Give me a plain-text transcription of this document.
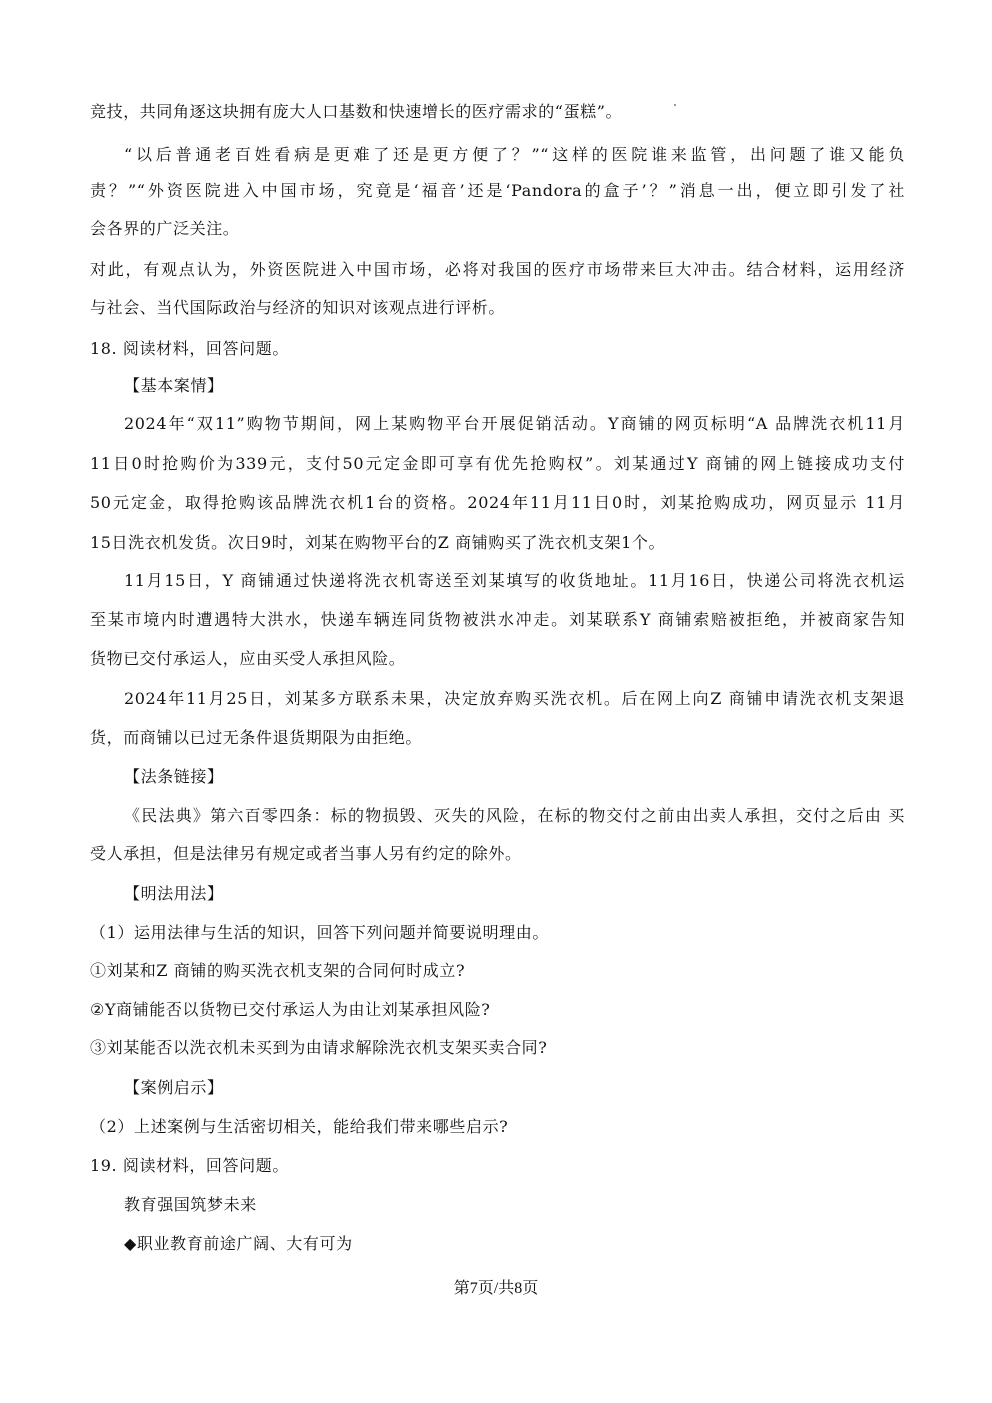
竞技，共同角逐这块拥有庞大人口基数和快速增长的医疗需求的“蛋糕”。
“以后普通老百姓看病是更难了还是更方便了？”“这样的医院谁来监管，出问题了谁又能负
责？”“外资医院进入中国市场，究竟是‘福音’还是‘Pandora的盒子’？”消息一出，便立即引发了社
会各界的广泛关注。
对此，有观点认为，外资医院进入中国市场，必将对我国的医疗市场带来巨大冲击。结合材料，运用经济
与社会、当代国际政治与经济的知识对该观点进行评析。
18. 阅读材料，回答问题。
【基本案情】
2024年“双11”购物节期间，网上某购物平台开展促销活动。Y商铺的网页标明“A 品牌洗衣机11月
11日0时抢购价为339元，支付50元定金即可享有优先抢购权”。刘某通过Y 商铺的网上链接成功支付
50元定金，取得抢购该品牌洗衣机1台的资格。2024年11月11日0时，刘某抢购成功，网页显示 11月
15日洗衣机发货。次日9时，刘某在购物平台的Z 商铺购买了洗衣机支架1个。
11月15日，Y 商铺通过快递将洗衣机寄送至刘某填写的收货地址。11月16日，快递公司将洗衣机运
至某市境内时遭遇特大洪水，快递车辆连同货物被洪水冲走。刘某联系Y 商铺索赔被拒绝，并被商家告知
货物已交付承运人，应由买受人承担风险。
2024年11月25日，刘某多方联系未果，决定放弃购买洗衣机。后在网上向Z 商铺申请洗衣机支架退
货，而商铺以已过无条件退货期限为由拒绝。
【法条链接】
《民法典》第六百零四条：标的物损毁、灭失的风险，在标的物交付之前由出卖人承担，交付之后由 买
受人承担，但是法律另有规定或者当事人另有约定的除外。
【明法用法】
（1）运用法律与生活的知识，回答下列问题并简要说明理由。
①刘某和Z 商铺的购买洗衣机支架的合同何时成立?
②Y商铺能否以货物已交付承运人为由让刘某承担风险?
③刘某能否以洗衣机未买到为由请求解除洗衣机支架买卖合同?
【案例启示】
（2）上述案例与生活密切相关，能给我们带来哪些启示?
19. 阅读材料，回答问题。
教育强国筑梦未来
◆职业教育前途广阔、大有可为
第7页/共8页
